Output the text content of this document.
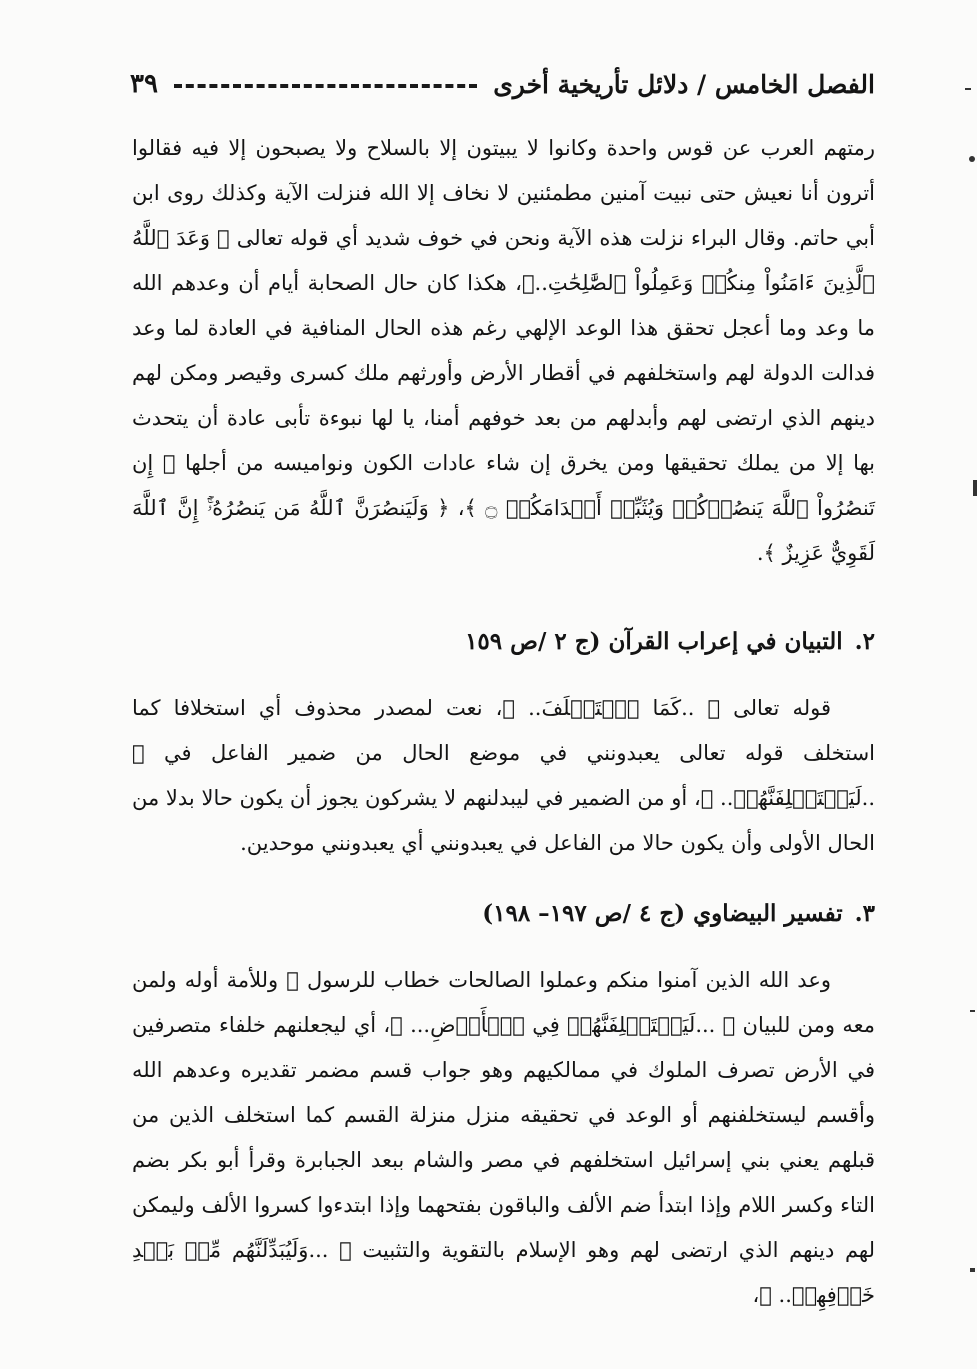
الفصل الخامس / دلائل تأريخية أخرى
٣٩

رمتهم العرب عن قوس واحدة وكانوا لا يبيتون إلا بالسلاح ولا يصبحون إلا فيه فقالوا أترون أنا نعيش حتى نبيت آمنين مطمئنين لا نخاف إلا الله فنزلت الآية وكذلك روى ابن أبي حاتم. وقال البراء نزلت هذه الآية ونحن في خوف شديد أي قوله تعالى ﴿ وَعَدَ ٱللَّهُ ٱلَّذِينَ ءَامَنُواْ مِنكُمۡ وَعَمِلُواْ ٱلصَّٰلِحَٰتِ..﴾، هكذا كان حال الصحابة أيام أن وعدهم الله ما وعد وما أعجل تحقق هذا الوعد الإلهي رغم هذه الحال المنافية في العادة لما وعد فدالت الدولة لهم واستخلفهم في أقطار الأرض وأورثهم ملك كسرى وقيصر ومكن لهم دينهم الذي ارتضى لهم وأبدلهم من بعد خوفهم أمنا، يا لها نبوءة تأبى عادة أن يتحدث بها إلا من يملك تحقيقها ومن يخرق إن شاء عادات الكون ونواميسه من أجلها ﴿ إِن تَنصُرُواْ ٱللَّهَ يَنصُرۡكُمۡ وَيُثَبِّتۡ أَقۡدَامَكُمۡ ۝ ﴾، ﴿ وَلَيَنصُرَنَّ ٱللَّهُ مَن يَنصُرُهُۥٓۚ إِنَّ ٱللَّهَ لَقَوِيٌّ عَزِيزٌ ﴾.

٢.التبيان في إعراب القرآن (ج ٢ /ص ١٥٩

قوله تعالى ﴿ ..كَمَا ٱسۡتَخۡلَفَ.. ﴾، نعت لمصدر محذوف أي استخلافا كما استخلف قوله تعالى يعبدونني في موضع الحال من ضمير الفاعل في ﴿ ..لَيَسۡتَخۡلِفَنَّهُمۡ.. ﴾، أو من الضمير في ليبدلنهم لا يشركون يجوز أن يكون حالا بدلا من الحال الأولى وأن يكون حالا من الفاعل في يعبدونني أي يعبدونني موحدين.

٣.تفسير البيضاوي (ج ٤ /ص ١٩٧– ١٩٨)

وعد الله الذين آمنوا منكم وعملوا الصالحات خطاب للرسول ﷺ وللأمة أوله ولمن معه ومن للبيان ﴿ ...لَيَسۡتَخۡلِفَنَّهُمۡ فِي ٱلۡأَرۡضِ... ﴾، أي ليجعلنهم خلفاء متصرفين في الأرض تصرف الملوك في ممالكيهم وهو جواب قسم مضمر تقديره وعدهم الله وأقسم ليستخلفنهم أو الوعد في تحقيقه منزل منزلة القسم كما استخلف الذين من قبلهم يعني بني إسرائيل استخلفهم في مصر والشام ببعد الجبابرة وقرأ أبو بكر بضم التاء وكسر اللام وإذا ابتدأ ضم الألف والباقون بفتحهما وإذا ابتدءوا كسروا الألف وليمكن لهم دينهم الذي ارتضى لهم وهو الإسلام بالتقوية والتثبيت ﴿ ...وَلَيُبَدِّلَنَّهُم مِّنۢ بَعۡدِ خَوۡفِهِمۡ.. ﴾،
